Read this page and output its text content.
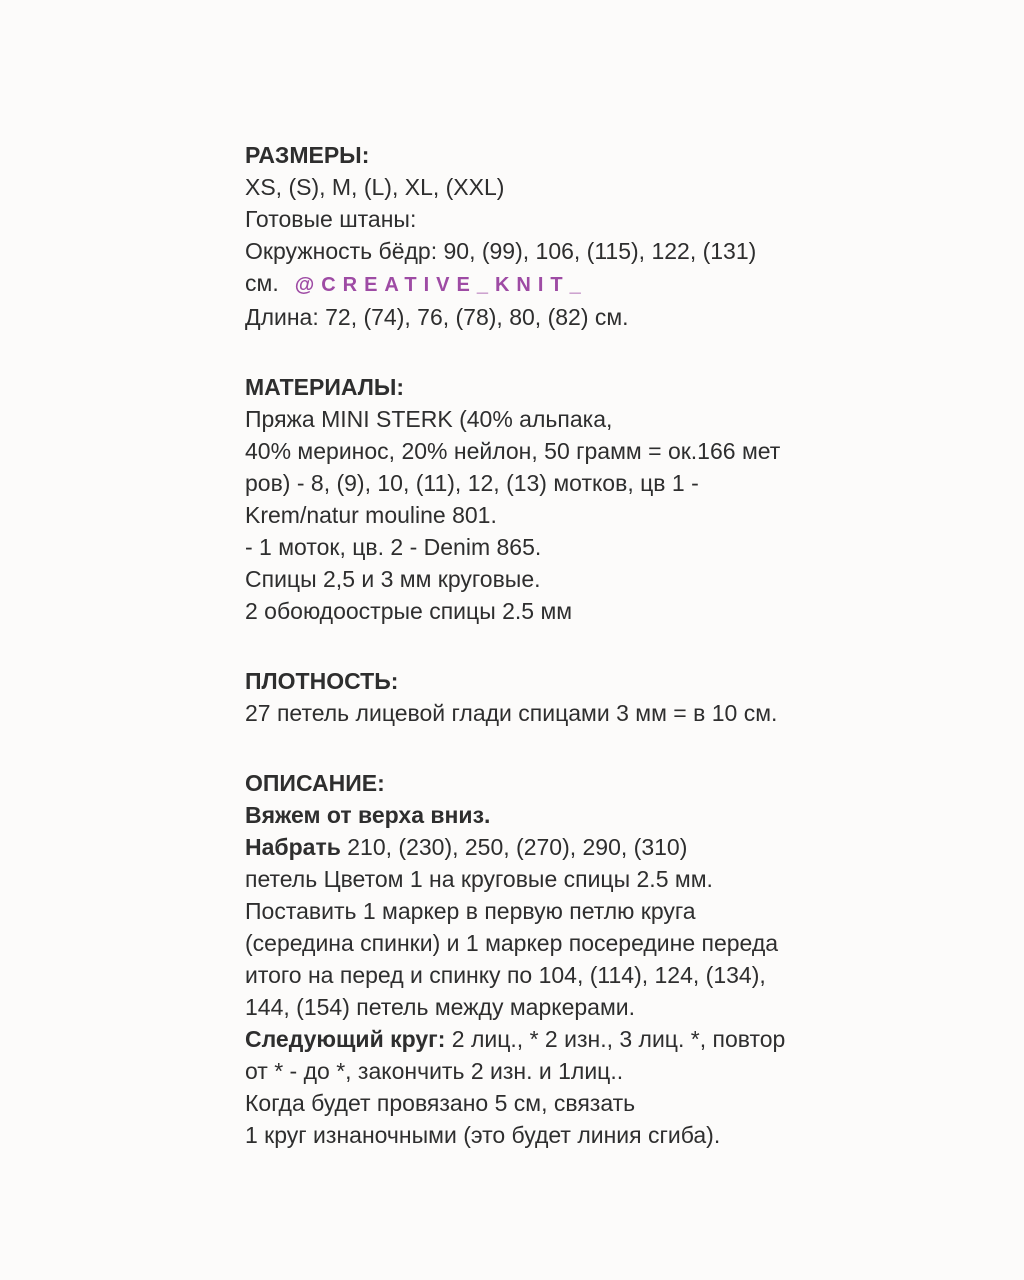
РАЗМЕРЫ:
XS, (S), M, (L), XL, (XXL)
Готовые штаны:
Окружность бёдр: 90, (99), 106, (115), 122, (131)
см. @CREATIVE_KNIT_
Длина: 72, (74), 76, (78), 80, (82) см.
МАТЕРИАЛЫ:
Пряжа MINI STERK (40% альпака,
40% меринос, 20% нейлон, 50 грамм = ок.166 мет
ров) - 8, (9), 10, (11), 12, (13) мотков, цв 1 -
Krem/natur mouline 801.
- 1 моток, цв. 2 - Denim 865.
Спицы 2,5 и 3 мм круговые.
2 обоюдоострые спицы 2.5 мм
ПЛОТНОСТЬ:
27 петель лицевой глади спицами 3 мм = в 10 см.
ОПИСАНИЕ:
Вяжем от верха вниз.
Набрать 210, (230), 250, (270), 290, (310)
петель Цветом 1 на круговые спицы 2.5 мм.
Поставить 1 маркер в первую петлю круга
(середина спинки) и 1 маркер посередине переда
итого на перед и спинку по 104, (114), 124, (134),
144, (154) петель между маркерами.
Следующий круг: 2 лиц., * 2 изн., 3 лиц. *, повтор
от * - до *, закончить 2 изн. и 1лиц..
Когда будет провязано 5 см, связать
1 круг изнаночными (это будет линия сгиба).
